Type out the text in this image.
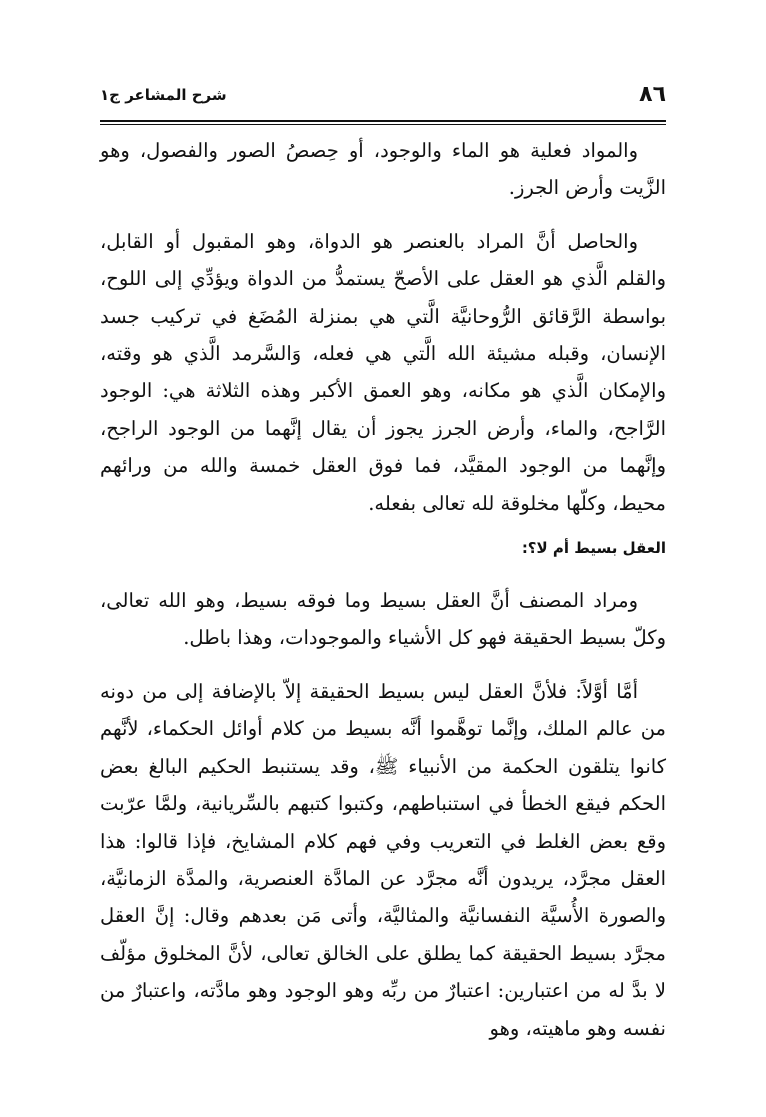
٨٦
شرح المشاعر ج١

والمواد فعلية هو الماء والوجود، أو حِصصُ الصور والفصول، وهو الزَّيت وأرض الجرز.

والحاصل أنَّ المراد بالعنصر هو الدواة، وهو المقبول أو القابل، والقلم الَّذي هو العقل على الأصحّ يستمدُّ من الدواة ويؤدِّي إلى اللوح، بواسطة الرَّقائق الرُّوحانيَّة الَّتي هي بمنزلة المُضَغ في تركيب جسد الإنسان، وقبله مشيئة الله الَّتي هي فعله، وَالسَّرمد الَّذي هو وقته، والإمكان الَّذي هو مكانه، وهو العمق الأكبر وهذه الثلاثة هي: الوجود الرَّاجح، والماء، وأرض الجرز يجوز أن يقال إنَّهما من الوجود الراجح، وإنَّهما من الوجود المقيَّد، فما فوق العقل خمسة والله من ورائهم محيط، وكلّها مخلوقة لله تعالى بفعله.

العقل بسيط أم لا؟:

ومراد المصنف أنَّ العقل بسيط وما فوقه بسيط، وهو الله تعالى، وكلّ بسيط الحقيقة فهو كل الأشياء والموجودات، وهذا باطل.

أمَّا أوَّلاً: فلأنَّ العقل ليس بسيط الحقيقة إلاّ بالإضافة إلى من دونه من عالم الملك، وإنَّما توهَّموا أنَّه بسيط من كلام أوائل الحكماء، لأنَّهم كانوا يتلقون الحكمة من الأنبياء ﷺ، وقد يستنبط الحكيم البالغ بعض الحكم فيقع الخطأ في استنباطهم، وكتبوا كتبهم بالسِّريانية، ولمَّا عرّبت وقع بعض الغلط في التعريب وفي فهم كلام المشايخ، فإذا قالوا: هذا العقل مجرَّد، يريدون أنَّه مجرَّد عن المادَّة العنصرية، والمدَّة الزمانيَّة، والصورة الأُسيَّة النفسانيَّة والمثاليَّة، وأتى مَن بعدهم وقال: إنَّ العقل مجرَّد بسيط الحقيقة كما يطلق على الخالق تعالى، لأنَّ المخلوق مؤلّف لا بدَّ له من اعتبارين: اعتبارٌ من ربِّه وهو الوجود وهو مادَّته، واعتبارٌ من نفسه وهو ماهيته، وهو
